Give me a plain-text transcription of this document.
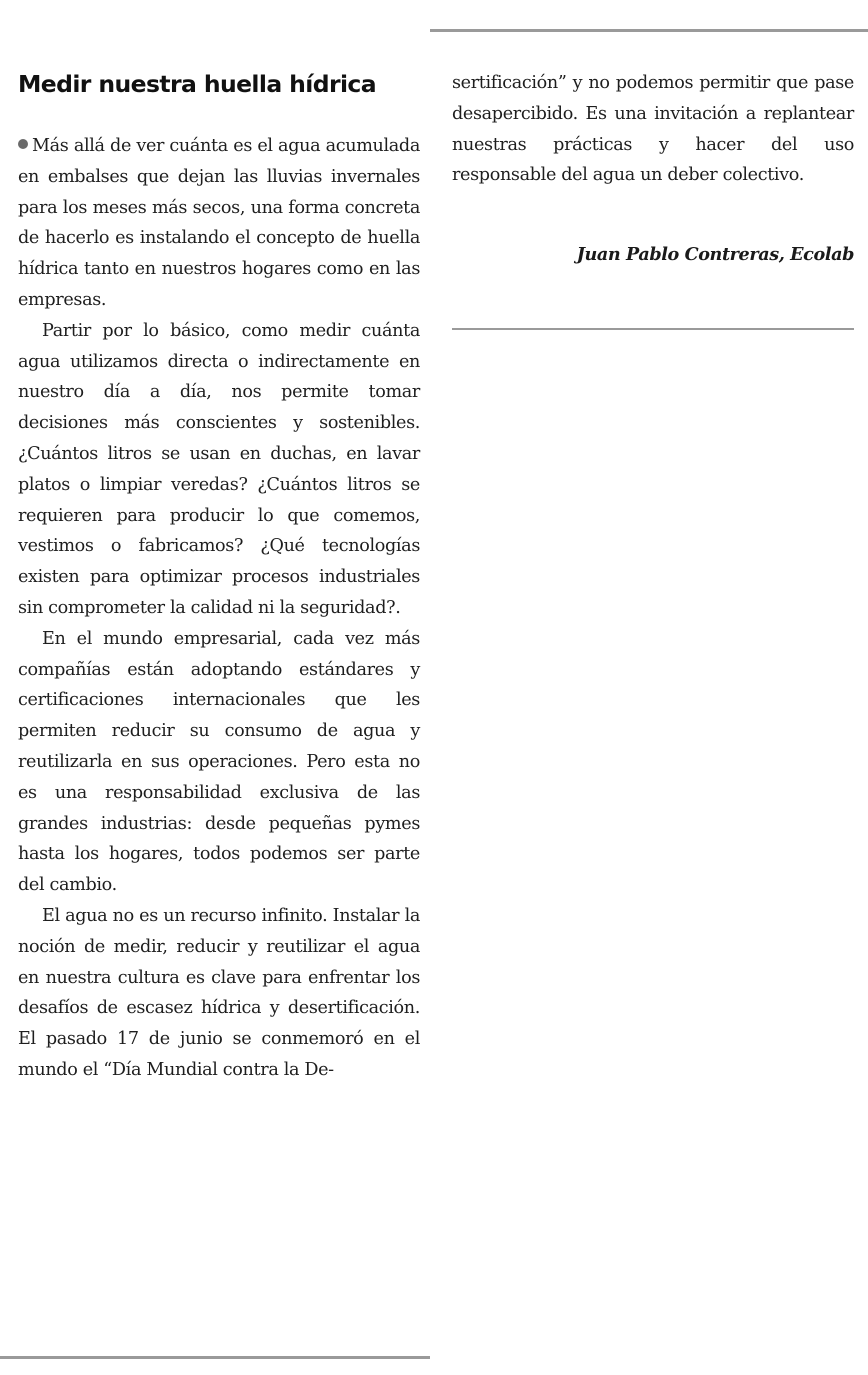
Medir nuestra huella hídrica

Más allá de ver cuánta es el agua acumulada en embalses que dejan las lluvias invernales para los meses más secos, una forma concreta de hacerlo es instalando el concepto de huella hídrica tanto en nuestros hogares como en las empresas.

Partir por lo básico, como medir cuánta agua utilizamos directa o indirectamente en nuestro día a día, nos permite tomar decisiones más conscientes y sostenibles. ¿Cuántos litros se usan en duchas, en lavar platos o limpiar veredas? ¿Cuántos litros se requieren para producir lo que comemos, vestimos o fabricamos? ¿Qué tecnologías existen para optimizar procesos industriales sin comprometer la calidad ni la seguridad?.

En el mundo empresarial, cada vez más compañías están adoptando estándares y certificaciones internacionales que les permiten reducir su consumo de agua y reutilizarla en sus operaciones. Pero esta no es una responsabilidad exclusiva de las grandes industrias: desde pequeñas pymes hasta los hogares, todos podemos ser parte del cambio.

El agua no es un recurso infinito. Instalar la noción de medir, reducir y reutilizar el agua en nuestra cultura es clave para enfrentar los desafíos de escasez hídrica y desertificación. El pasado 17 de junio se conmemoró en el mundo el “Día Mundial contra la De-

sertificación” y no podemos permitir que pase desapercibido. Es una invitación a replantear nuestras prácticas y hacer del uso responsable del agua un deber colectivo.

Juan Pablo Contreras, Ecolab
